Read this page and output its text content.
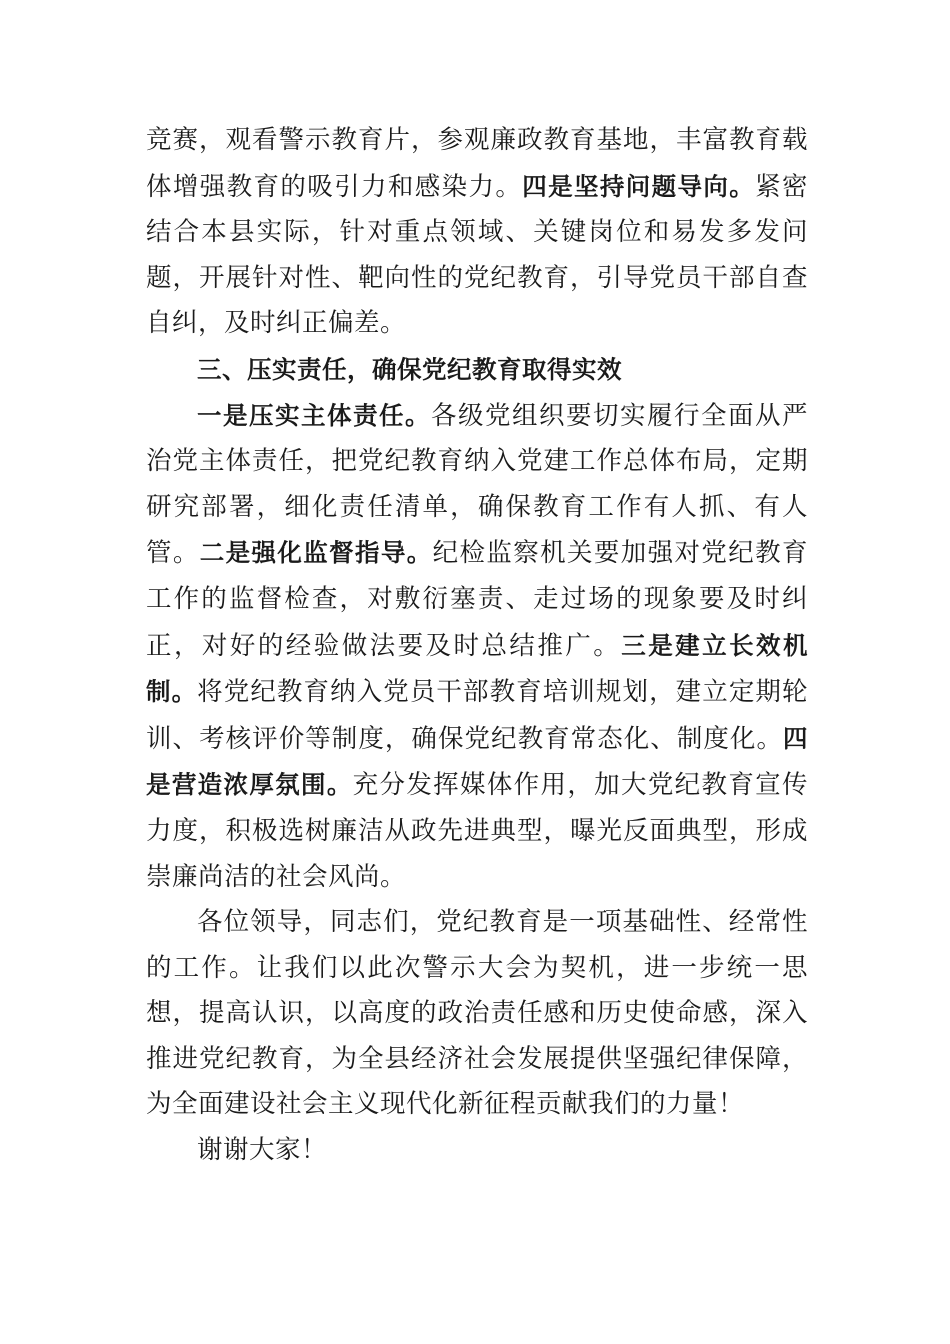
竞赛，观看警示教育片，参观廉政教育基地，丰富教育载体增强教育的吸引力和感染力。四是坚持问题导向。紧密结合本县实际，针对重点领域、关键岗位和易发多发问题，开展针对性、靶向性的党纪教育，引导党员干部自查自纠，及时纠正偏差。

三、压实责任，确保党纪教育取得实效

一是压实主体责任。各级党组织要切实履行全面从严治党主体责任，把党纪教育纳入党建工作总体布局，定期研究部署，细化责任清单，确保教育工作有人抓、有人管。二是强化监督指导。纪检监察机关要加强对党纪教育工作的监督检查，对敷衍塞责、走过场的现象要及时纠正，对好的经验做法要及时总结推广。三是建立长效机制。将党纪教育纳入党员干部教育培训规划，建立定期轮训、考核评价等制度，确保党纪教育常态化、制度化。四是营造浓厚氛围。充分发挥媒体作用，加大党纪教育宣传力度，积极选树廉洁从政先进典型，曝光反面典型，形成崇廉尚洁的社会风尚。

各位领导，同志们，党纪教育是一项基础性、经常性的工作。让我们以此次警示大会为契机，进一步统一思想，提高认识，以高度的政治责任感和历史使命感，深入推进党纪教育，为全县经济社会发展提供坚强纪律保障，为全面建设社会主义现代化新征程贡献我们的力量！

谢谢大家！
